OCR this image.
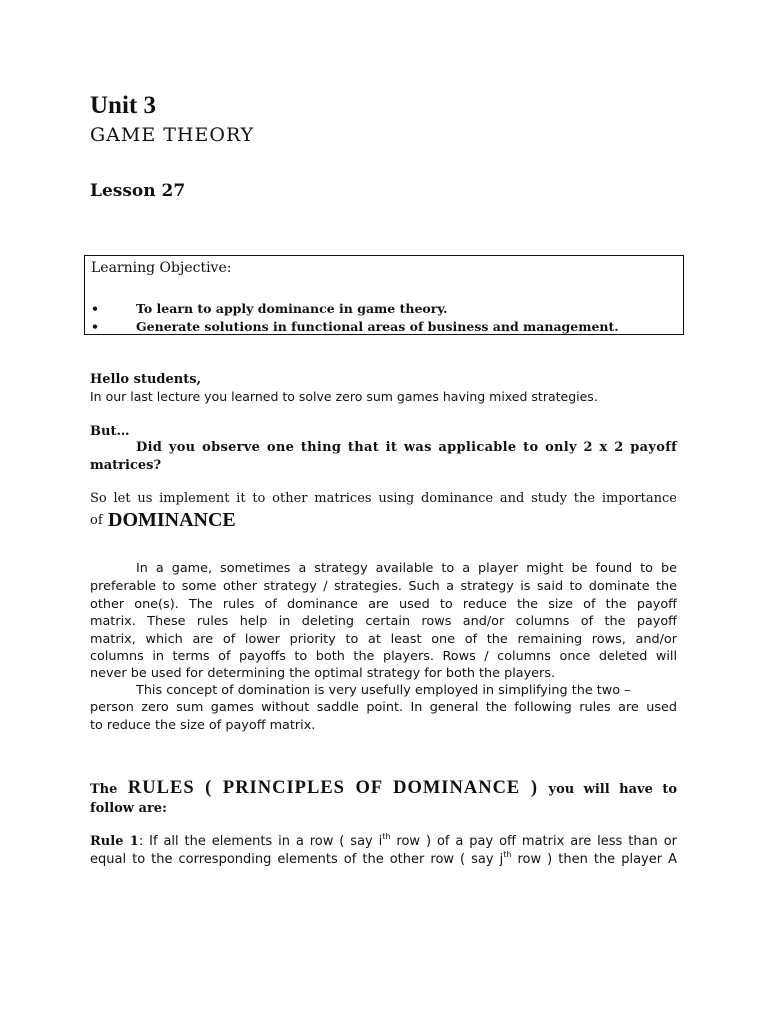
Unit 3
GAME THEORY
Lesson 27
Learning Objective:
•	To learn to apply dominance in game theory.
•	Generate solutions in functional areas of business and management.
Hello students,
In our last lecture you learned to solve zero sum games having mixed strategies.
But…
Did you observe one thing that it was applicable to only 2 x 2 payoff
matrices?
So let us implement it to other matrices using dominance and study the importance
of DOMINANCE
In a game, sometimes a strategy available to a player might be found to be
preferable to some other strategy / strategies. Such a strategy is said to dominate the
other one(s). The rules of dominance are used to reduce the size of the payoff
matrix. These rules help in deleting certain rows and/or columns of the payoff
matrix, which are of lower priority to at least one of the remaining rows, and/or
columns in terms of payoffs to both the players. Rows / columns once deleted will
never be used for determining the optimal strategy for both the players.
This concept of domination is very usefully employed in simplifying the two –
person zero sum games without saddle point. In general the following rules are used
to reduce the size of payoff matrix.
The RULES ( PRINCIPLES OF DOMINANCE ) you will have to
follow are:
Rule 1: If all the elements in a row ( say $i^{th}$ row ) of a pay off matrix are less than or
equal to the corresponding elements of the other row ( say $j^{th}$ row ) then the player A
